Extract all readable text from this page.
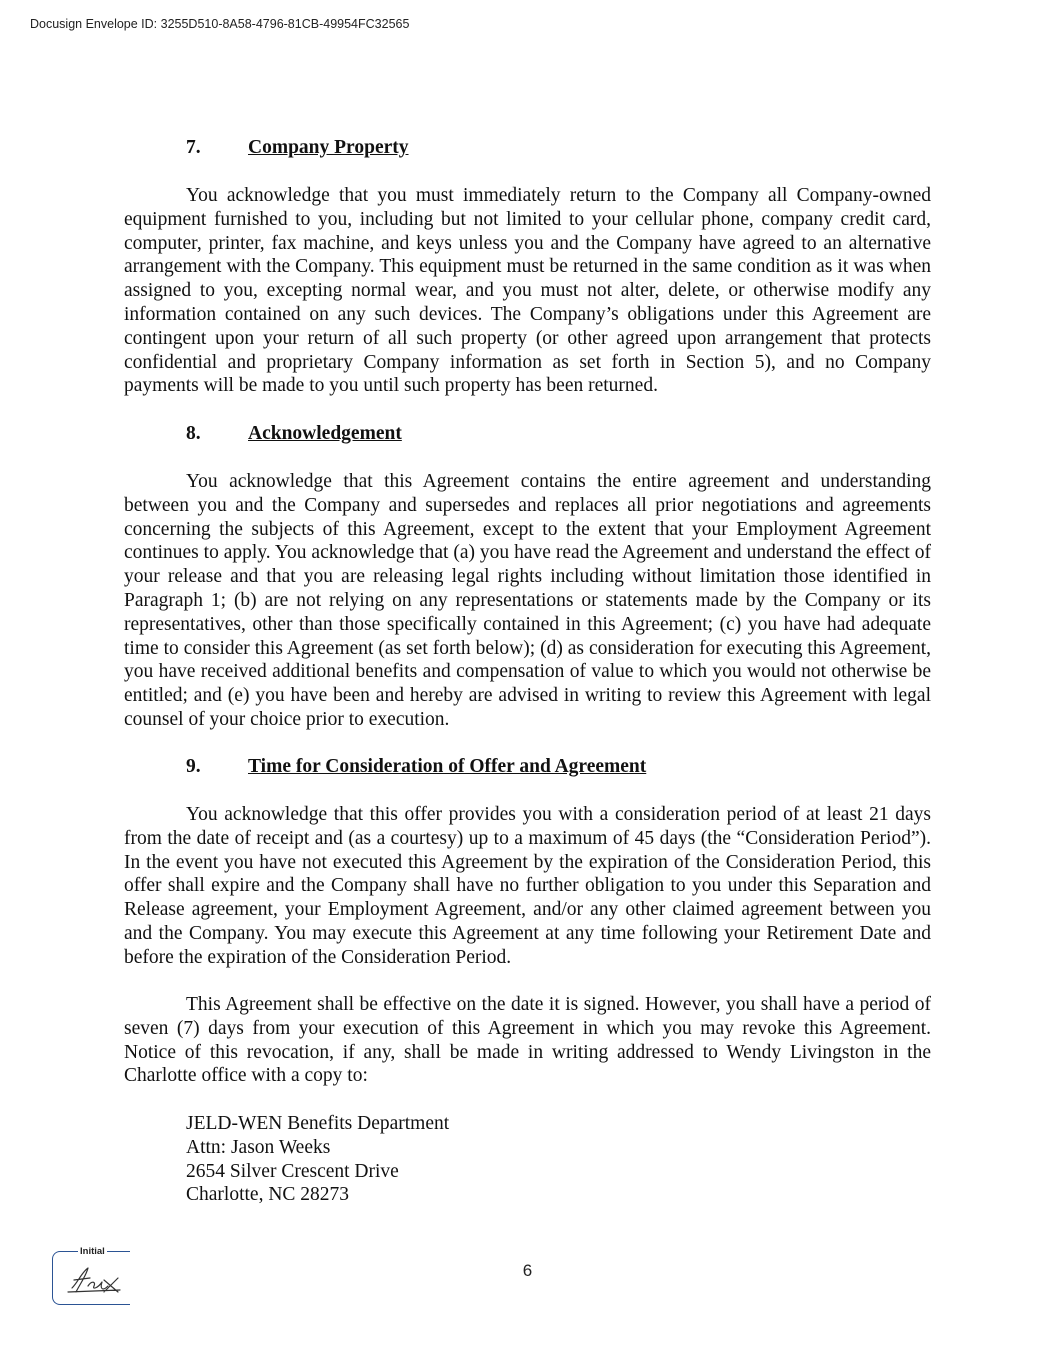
Docusign Envelope ID: 3255D510-8A58-4796-81CB-49954FC32565
7. Company Property

You acknowledge that you must immediately return to the Company all Company-owned equipment furnished to you, including but not limited to your cellular phone, company credit card, computer, printer, fax machine, and keys unless you and the Company have agreed to an alternative arrangement with the Company. This equipment must be returned in the same condition as it was when assigned to you, excepting normal wear, and you must not alter, delete, or otherwise modify any information contained on any such devices. The Company’s obligations under this Agreement are contingent upon your return of all such property (or other agreed upon arrangement that protects confidential and proprietary Company information as set forth in Section 5), and no Company payments will be made to you until such property has been returned.

8. Acknowledgement

You acknowledge that this Agreement contains the entire agreement and understanding between you and the Company and supersedes and replaces all prior negotiations and agreements concerning the subjects of this Agreement, except to the extent that your Employment Agreement continues to apply. You acknowledge that (a) you have read the Agreement and understand the effect of your release and that you are releasing legal rights including without limitation those identified in Paragraph 1; (b) are not relying on any representations or statements made by the Company or its representatives, other than those specifically contained in this Agreement; (c) you have had adequate time to consider this Agreement (as set forth below); (d) as consideration for executing this Agreement, you have received additional benefits and compensation of value to which you would not otherwise be entitled; and (e) you have been and hereby are advised in writing to review this Agreement with legal counsel of your choice prior to execution.

9. Time for Consideration of Offer and Agreement

You acknowledge that this offer provides you with a consideration period of at least 21 days from the date of receipt and (as a courtesy) up to a maximum of 45 days (the “Consideration Period”). In the event you have not executed this Agreement by the expiration of the Consideration Period, this offer shall expire and the Company shall have no further obligation to you under this Separation and Release agreement, your Employment Agreement, and/or any other claimed agreement between you and the Company. You may execute this Agreement at any time following your Retirement Date and before the expiration of the Consideration Period.

This Agreement shall be effective on the date it is signed. However, you shall have a period of seven (7) days from your execution of this Agreement in which you may revoke this Agreement. Notice of this revocation, if any, shall be made in writing addressed to Wendy Livingston in the Charlotte office with a copy to:

JELD-WEN Benefits Department
Attn: Jason Weeks
2654 Silver Crescent Drive
Charlotte, NC 28273
Initial
6
